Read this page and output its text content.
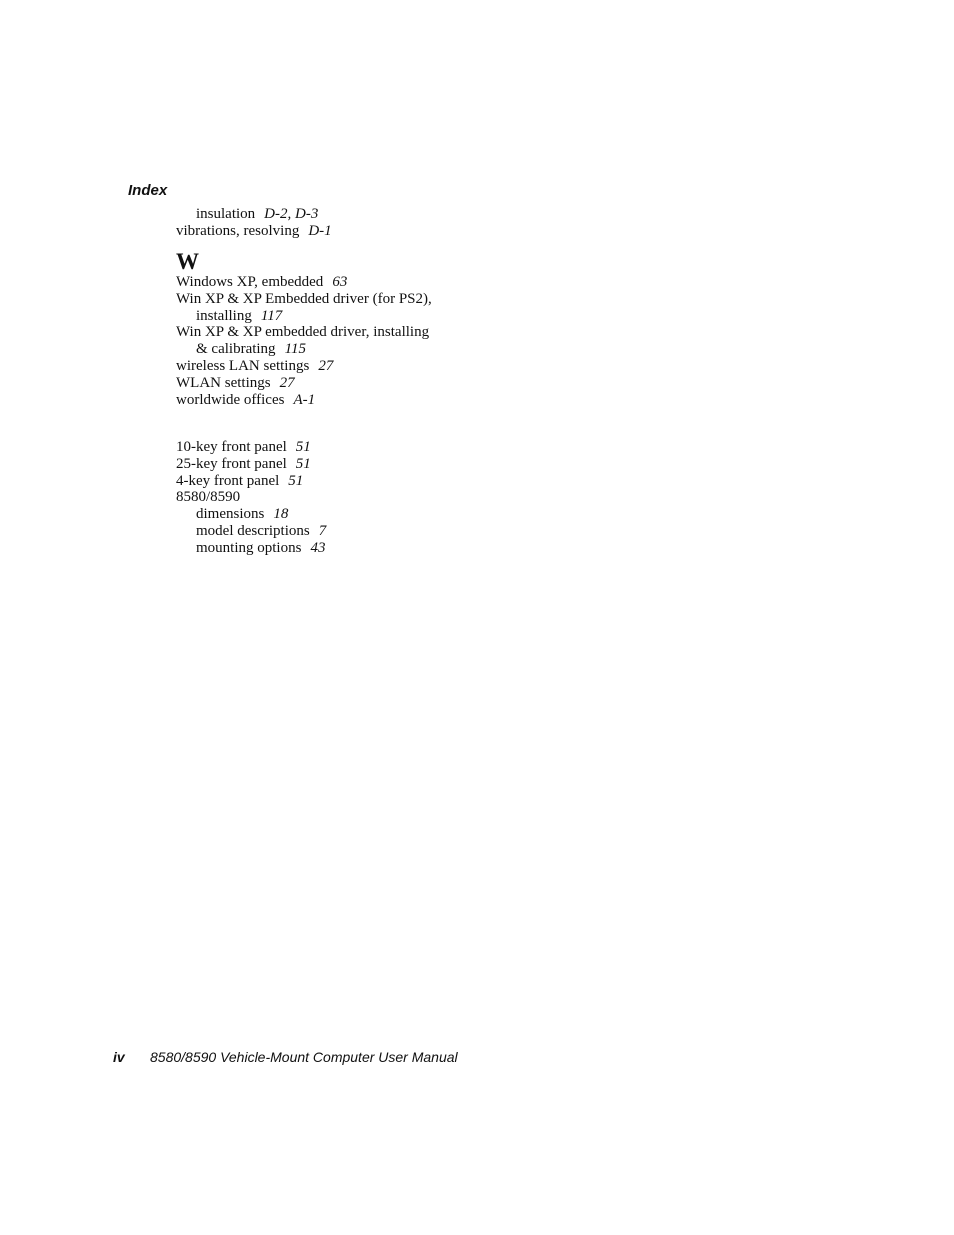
Index
insulation D-2, D-3
vibrations, resolving D-1
W
Windows XP, embedded 63
Win XP & XP Embedded driver (for PS2),
installing 117
Win XP & XP embedded driver, installing
& calibrating 115
wireless LAN settings 27
WLAN settings 27
worldwide offices A-1
10-key front panel 51
25-key front panel 51
4-key front panel 51
8580/8590
dimensions 18
model descriptions 7
mounting options 43
iv 8580/8590 Vehicle-Mount Computer User Manual
